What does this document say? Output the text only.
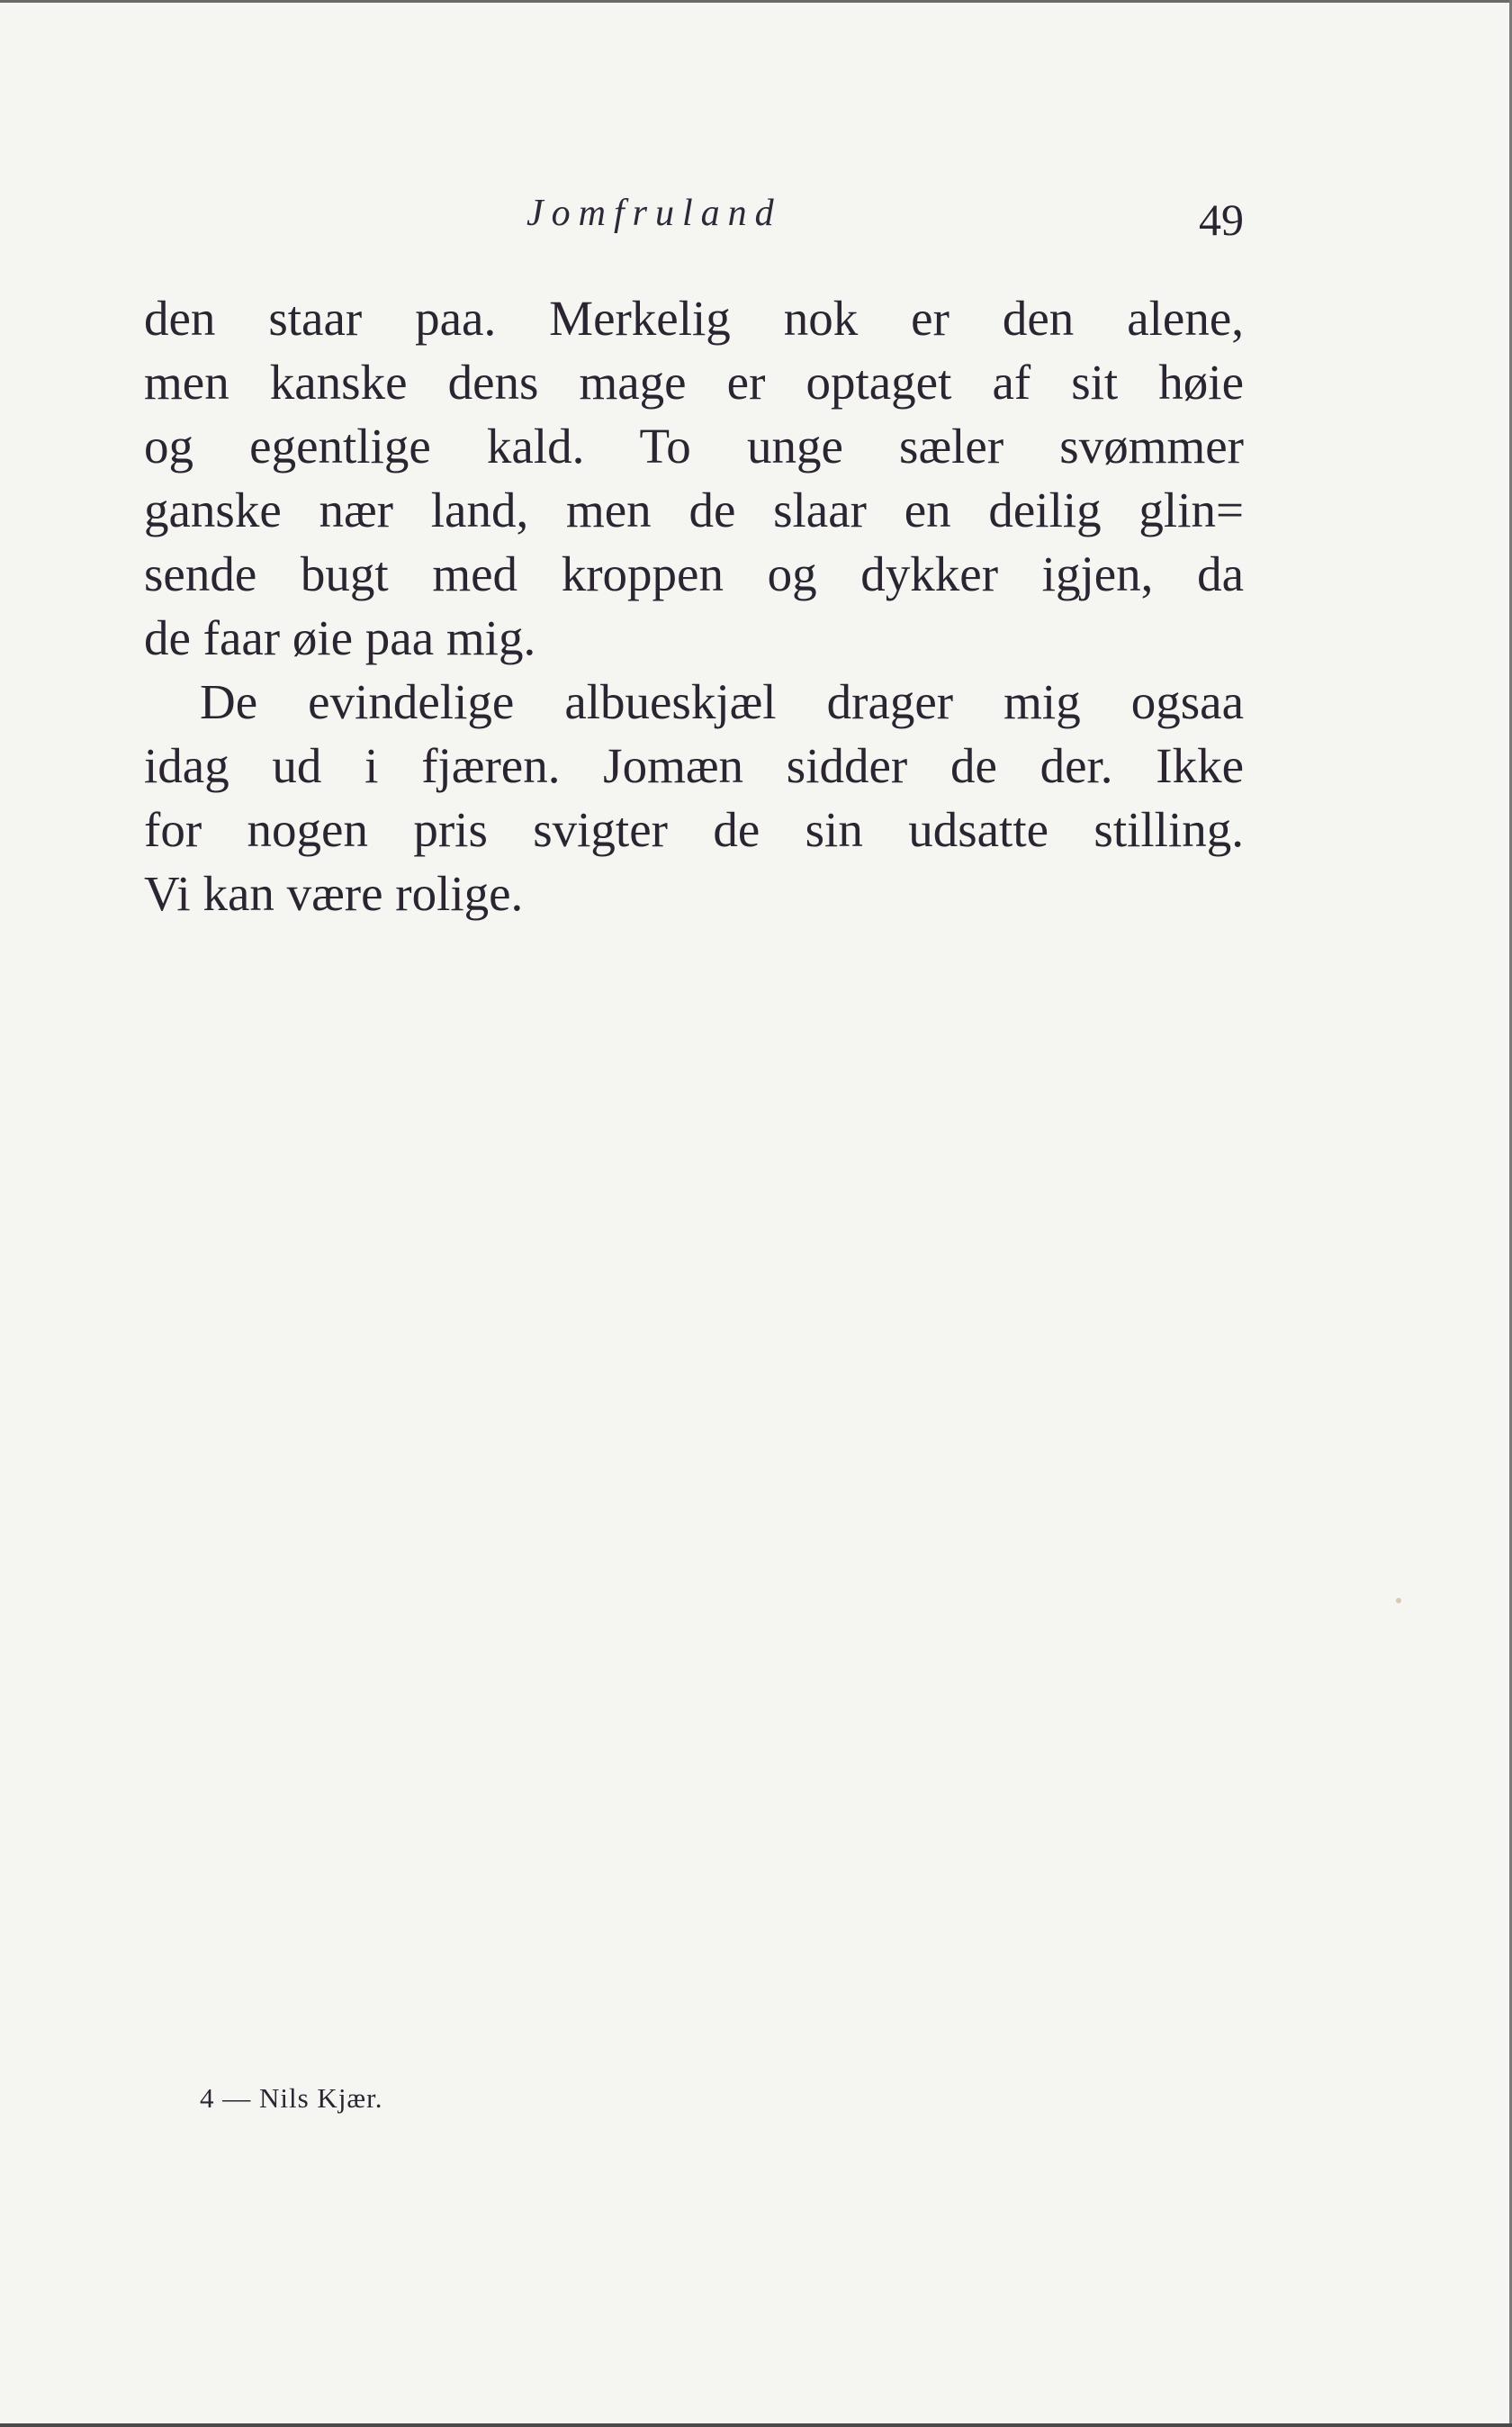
Jomfruland	49
den staar paa. Merkelig nok er den alene,
men kanske dens mage er optaget af sit høie
og egentlige kald. To unge sæler svømmer
ganske nær land, men de slaar en deilig glin=
sende bugt med kroppen og dykker igjen, da
de faar øie paa mig.
De evindelige albueskjæl drager mig ogsaa
idag ud i fjæren. Jomæn sidder de der. Ikke
for nogen pris svigter de sin udsatte stilling.
Vi kan være rolige.
4 — Nils Kjær.
